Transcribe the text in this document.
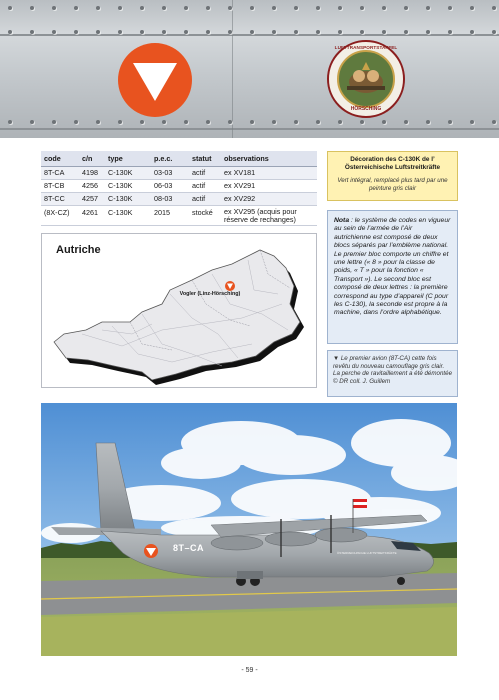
LUFTTRANSPORTSTAFFEL
HÖRSCHING
code	c/n	type	p.e.c.	statut	observations
8T-CA	4198	C-130K	03-03	actif	ex XV181
8T-CB	4256	C-130K	06-03	actif	ex XV291
8T-CC	4257	C-130K	08-03	actif	ex XV292
(8X-CZ)	4261	C-130K	2015	stocké	ex XV295 (acquis pour réserve de rechanges)
Autriche
Vogler (Linz-Hörsching)
Décoration des C-130K de l’ Österreichische Luftstreitkräfte
Vert intégral, remplacé plus tard par une peinture gris clair
Nota : le système de codes en vigueur au sein de l’armée de l’Air autrichienne est composé de deux blocs séparés par l’emblème national. Le premier bloc comporte un chiffre et une lettre (« 8 » pour la classe de poids, « T » pour la fonction « Transport »). Le second bloc est composé de deux lettres : la première correspond au type d’appareil (C pour les C-130), la seconde est propre à la machine, dans l’ordre alphabétique.
▼ Le premier avion (8T-CA) cette fois revêtu du nouveau camouflage gris clair. La perche de ravitaillement a été démontée © DR coll. J. Guillem
8T–CA	ÖSTERREICHISCHE LUFTSTREITKRÄFTE
- 59 -
